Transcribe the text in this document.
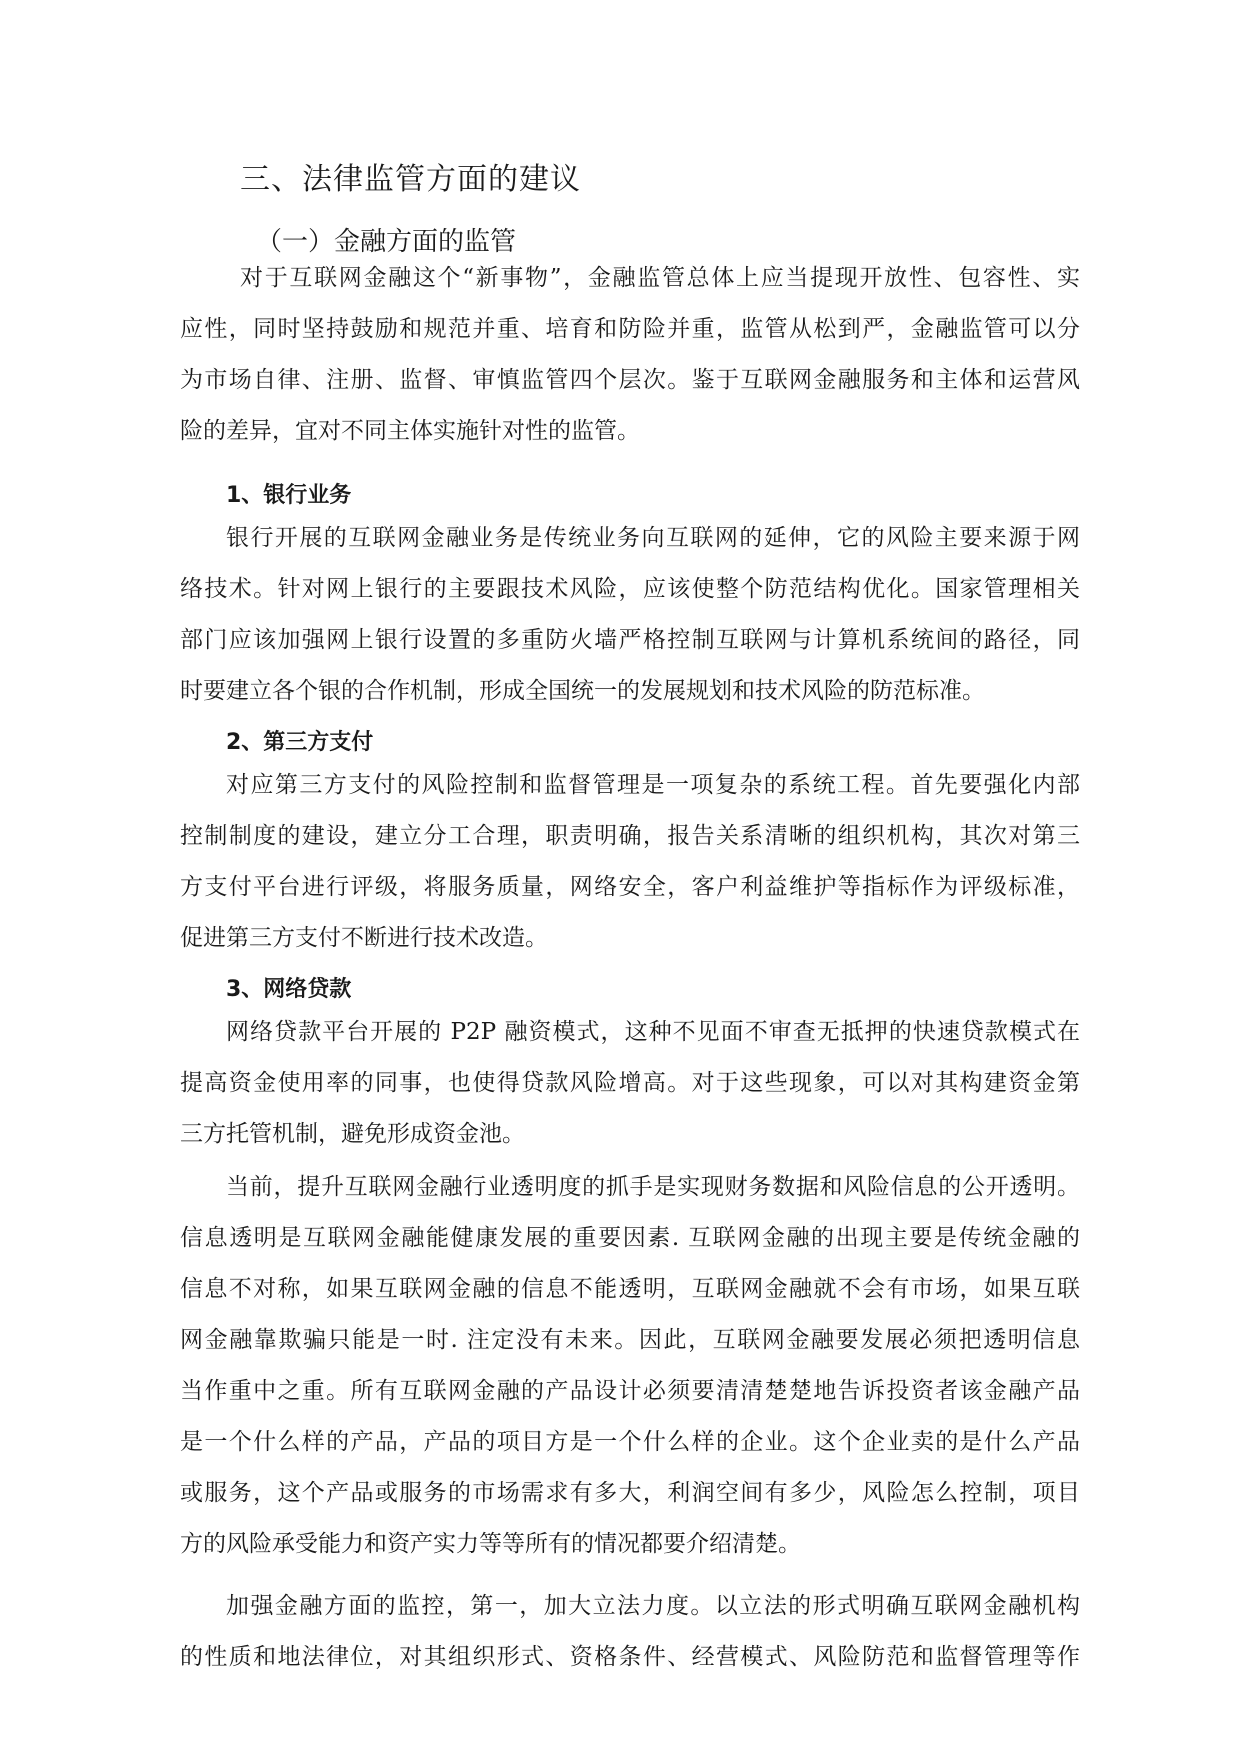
三、法律监管方面的建议
（一）金融方面的监管
对于互联网金融这个“新事物”，金融监管总体上应当提现开放性、包容性、实
应性，同时坚持鼓励和规范并重、培育和防险并重，监管从松到严，金融监管可以分
为市场自律、注册、监督、审慎监管四个层次。鉴于互联网金融服务和主体和运营风
险的差异，宜对不同主体实施针对性的监管。
1、银行业务
银行开展的互联网金融业务是传统业务向互联网的延伸，它的风险主要来源于网
络技术。针对网上银行的主要跟技术风险，应该使整个防范结构优化。国家管理相关
部门应该加强网上银行设置的多重防火墙严格控制互联网与计算机系统间的路径，同
时要建立各个银的合作机制，形成全国统一的发展规划和技术风险的防范标准。
2、第三方支付
对应第三方支付的风险控制和监督管理是一项复杂的系统工程。首先要强化内部
控制制度的建设，建立分工合理，职责明确，报告关系清晰的组织机构，其次对第三
方支付平台进行评级，将服务质量，网络安全，客户利益维护等指标作为评级标准，
促进第三方支付不断进行技术改造。
3、网络贷款
网络贷款平台开展的 P2P 融资模式，这种不见面不审查无抵押的快速贷款模式在
提高资金使用率的同事，也使得贷款风险增高。对于这些现象，可以对其构建资金第
三方托管机制，避免形成资金池。
当前，提升互联网金融行业透明度的抓手是实现财务数据和风险信息的公开透明。
信息透明是互联网金融能健康发展的重要因素. 互联网金融的出现主要是传统金融的
信息不对称，如果互联网金融的信息不能透明，互联网金融就不会有市场，如果互联
网金融靠欺骗只能是一时. 注定没有未来。因此，互联网金融要发展必须把透明信息
当作重中之重。所有互联网金融的产品设计必须要清清楚楚地告诉投资者该金融产品
是一个什么样的产品，产品的项目方是一个什么样的企业。这个企业卖的是什么产品
或服务，这个产品或服务的市场需求有多大，利润空间有多少，风险怎么控制，项目
方的风险承受能力和资产实力等等所有的情况都要介绍清楚。
加强金融方面的监控，第一，加大立法力度。以立法的形式明确互联网金融机构
的性质和地法律位，对其组织形式、资格条件、经营模式、风险防范和监督管理等作
